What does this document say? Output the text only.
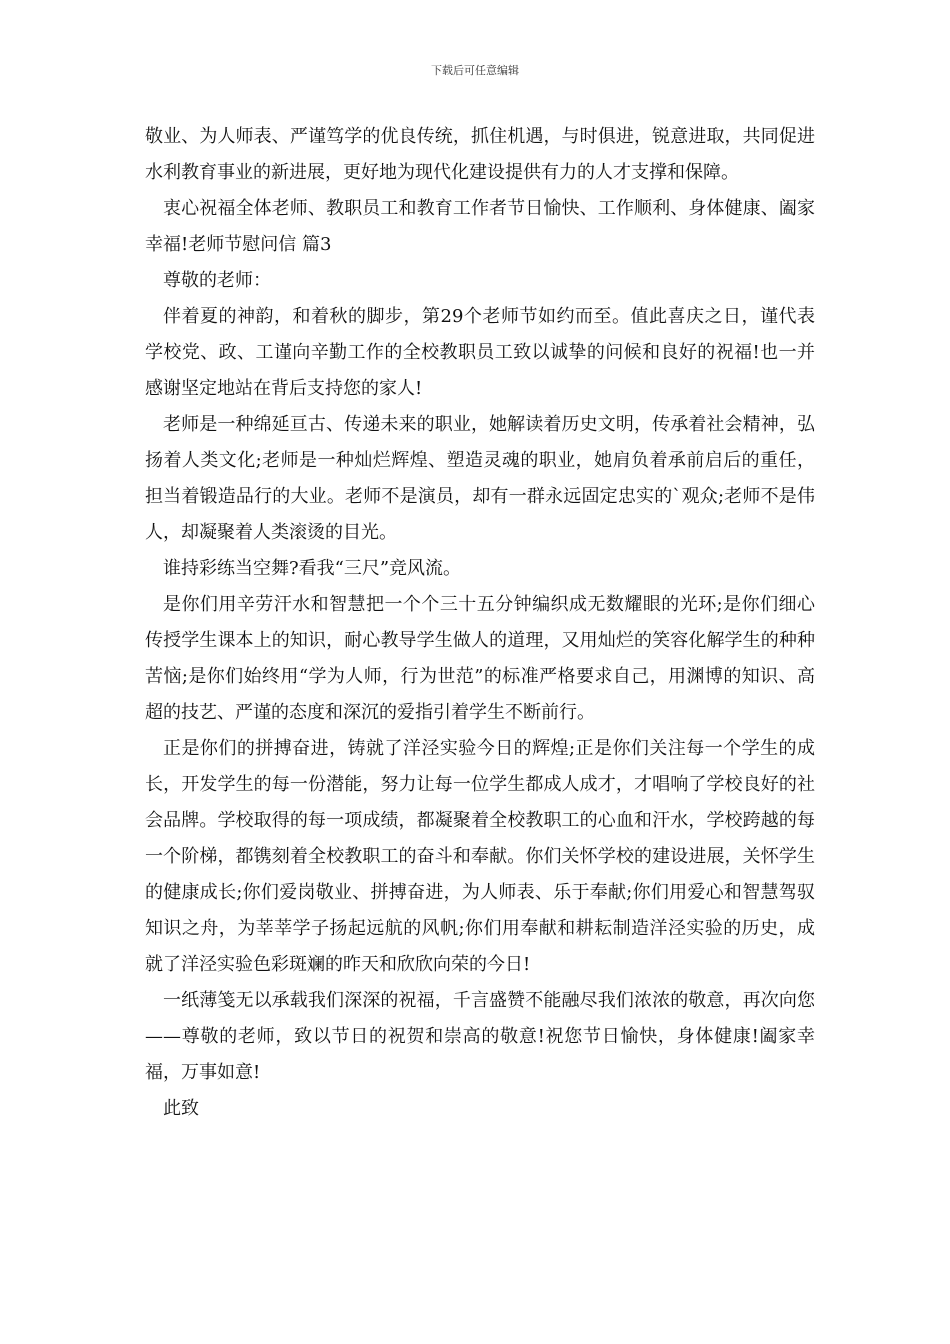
下载后可任意编辑

敬业、为人师表、严谨笃学的优良传统，抓住机遇，与时俱进，锐意进取，共同促进水利教育事业的新进展，更好地为现代化建设提供有力的人才支撑和保障。

衷心祝福全体老师、教职员工和教育工作者节日愉快、工作顺利、身体健康、阖家幸福!老师节慰问信 篇3

尊敬的老师：

伴着夏的神韵，和着秋的脚步，第29个老师节如约而至。值此喜庆之日，谨代表学校党、政、工谨向辛勤工作的全校教职员工致以诚挚的问候和良好的祝福!也一并感谢坚定地站在背后支持您的家人!

老师是一种绵延亘古、传递未来的职业，她解读着历史文明，传承着社会精神，弘扬着人类文化;老师是一种灿烂辉煌、塑造灵魂的职业，她肩负着承前启后的重任，担当着锻造品行的大业。老师不是演员，却有一群永远固定忠实的`观众;老师不是伟人，却凝聚着人类滚烫的目光。

谁持彩练当空舞?看我“三尺”竞风流。

是你们用辛劳汗水和智慧把一个个三十五分钟编织成无数耀眼的光环;是你们细心传授学生课本上的知识，耐心教导学生做人的道理，又用灿烂的笑容化解学生的种种苦恼;是你们始终用“学为人师，行为世范”的标准严格要求自己，用渊博的知识、高超的技艺、严谨的态度和深沉的爱指引着学生不断前行。

正是你们的拼搏奋进，铸就了洋泾实验今日的辉煌;正是你们关注每一个学生的成长，开发学生的每一份潜能，努力让每一位学生都成人成才，才唱响了学校良好的社会品牌。学校取得的每一项成绩，都凝聚着全校教职工的心血和汗水，学校跨越的每一个阶梯，都镌刻着全校教职工的奋斗和奉献。你们关怀学校的建设进展，关怀学生的健康成长;你们爱岗敬业、拼搏奋进，为人师表、乐于奉献;你们用爱心和智慧驾驭知识之舟，为莘莘学子扬起远航的风帆;你们用奉献和耕耘制造洋泾实验的历史，成就了洋泾实验色彩斑斓的昨天和欣欣向荣的今日!

一纸薄笺无以承载我们深深的祝福，千言盛赞不能融尽我们浓浓的敬意，再次向您——尊敬的老师，致以节日的祝贺和崇高的敬意!祝您节日愉快，身体健康!阖家幸福，万事如意!

此致
